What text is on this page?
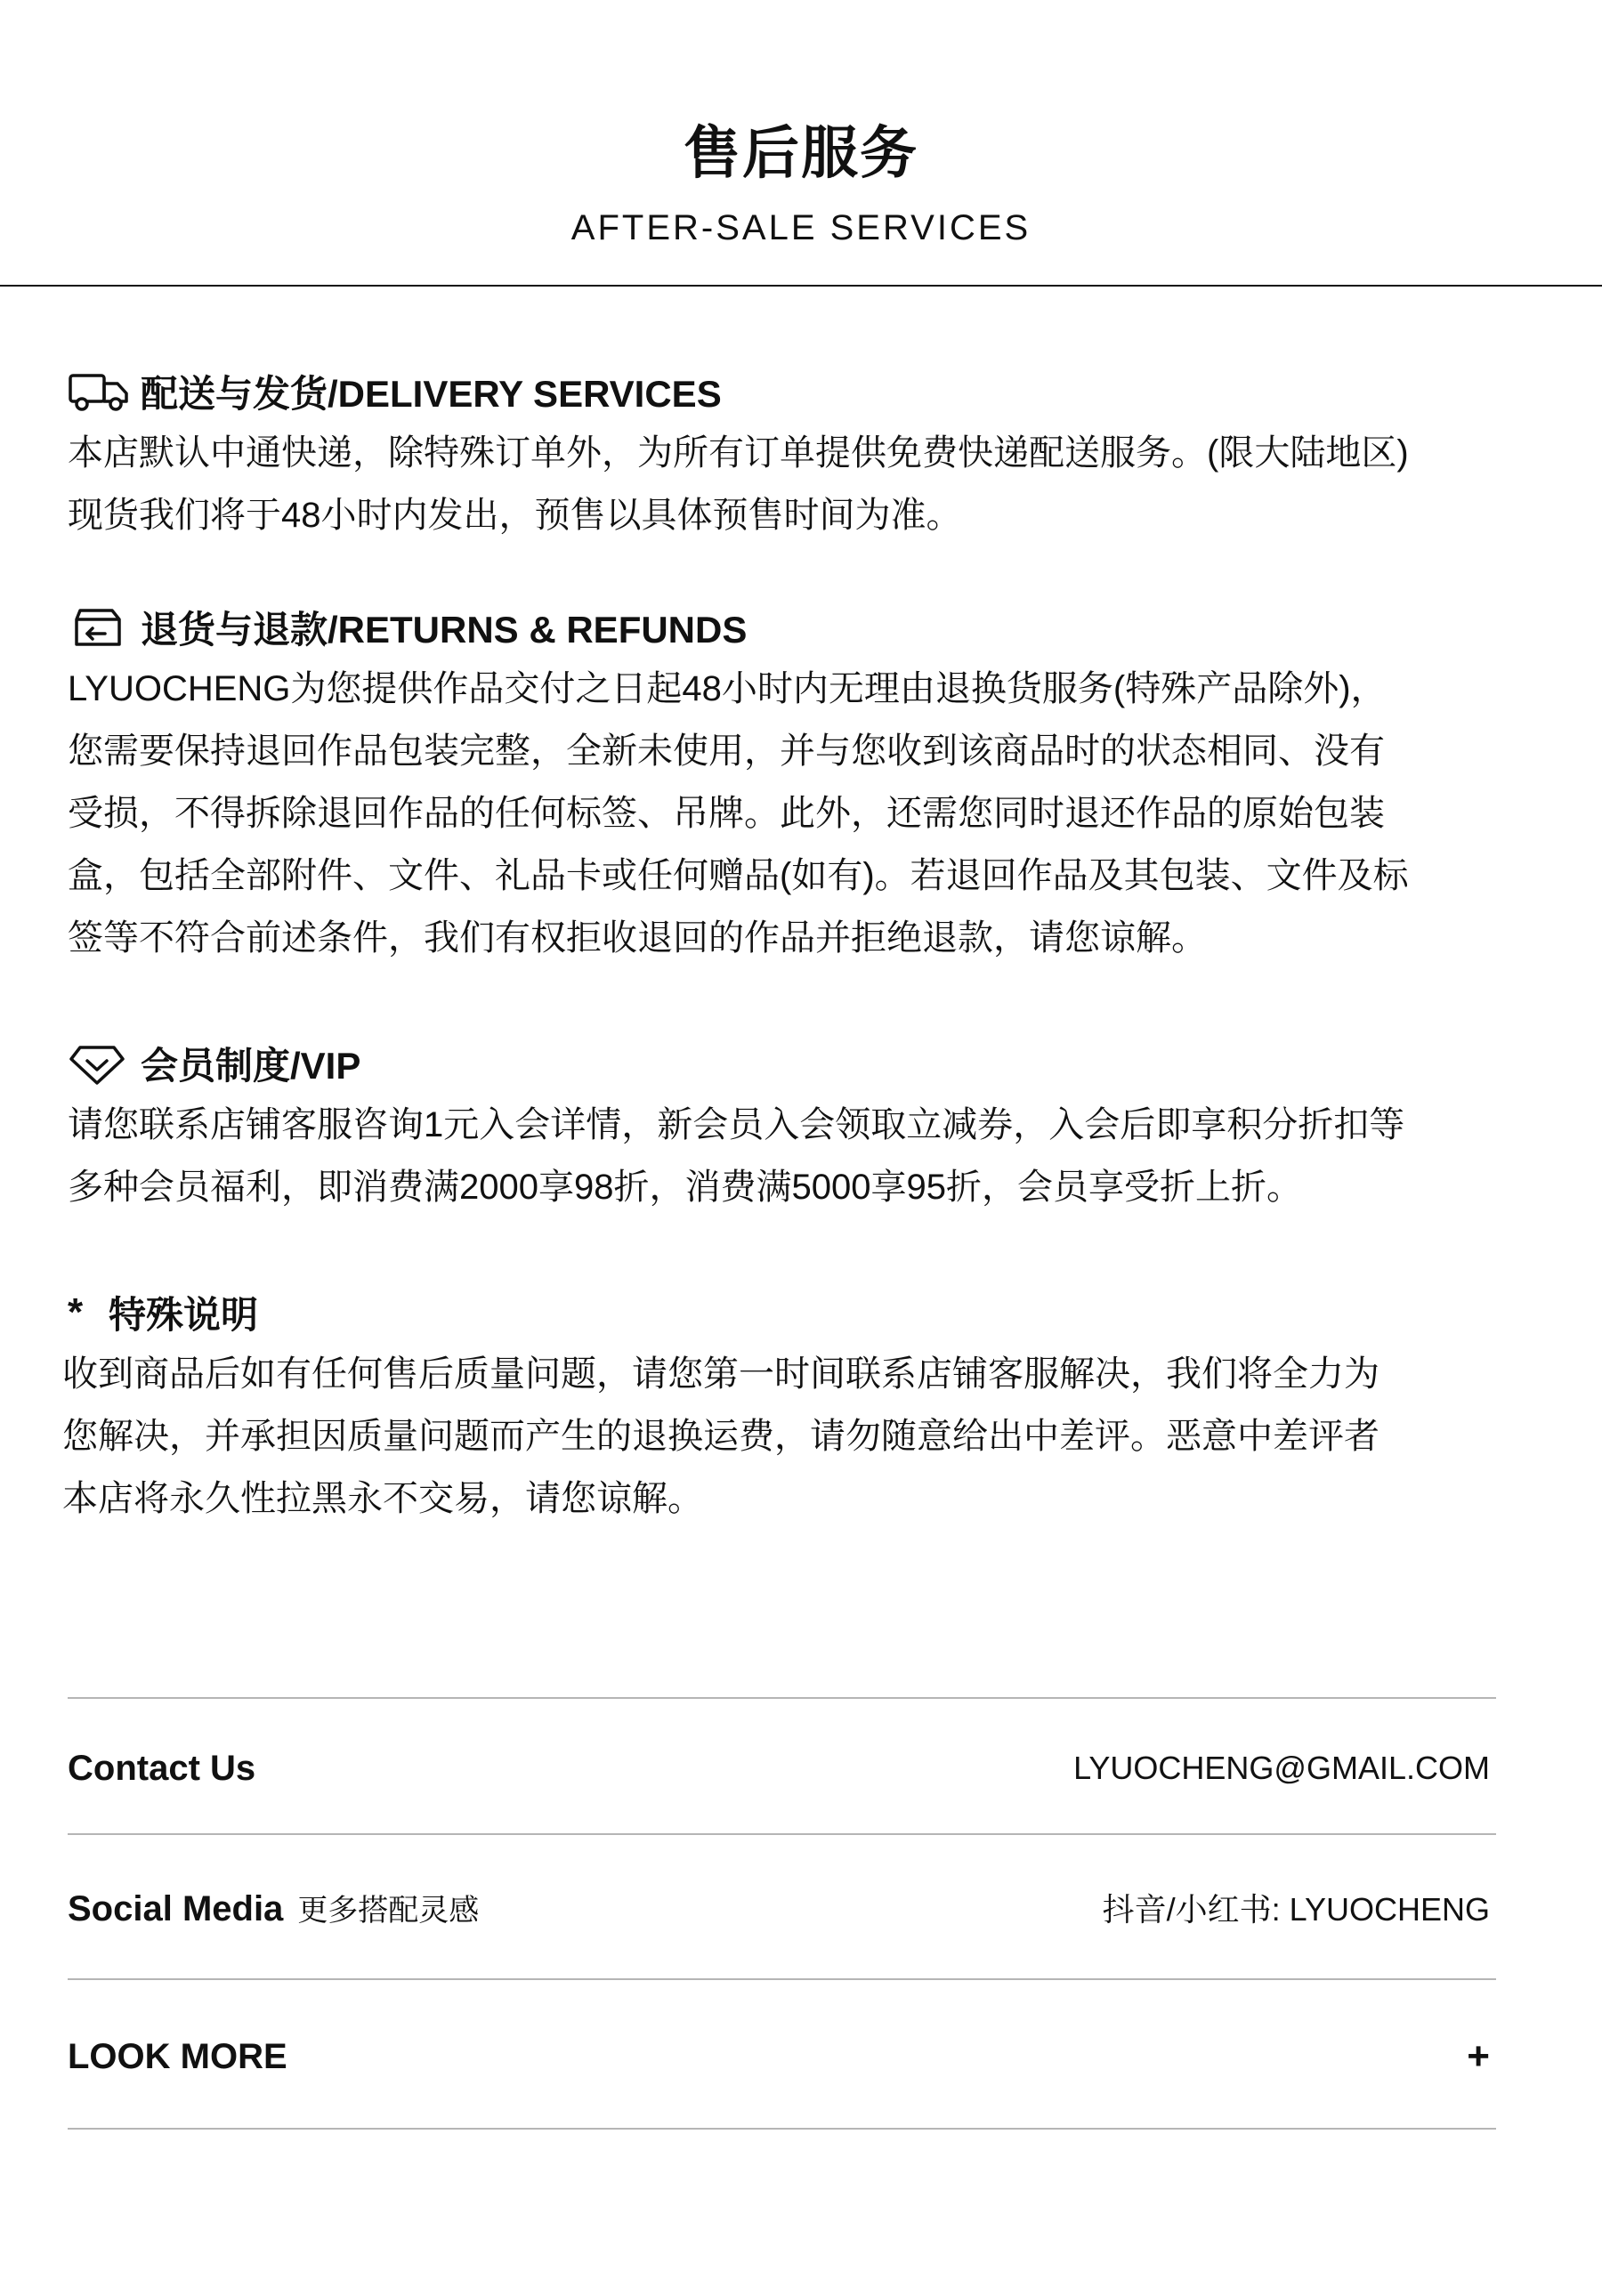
售后服务
AFTER-SALE SERVICES
配送与发货/DELIVERY SERVICES

本店默认中通快递，除特殊订单外，为所有订单提供免费快递配送服务。(限大陆地区)

现货我们将于48小时内发出，预售以具体预售时间为准。

退货与退款/RETURNS & REFUNDS

LYUOCHENG为您提供作品交付之日起48小时内无理由退换货服务(特殊产品除外)，

您需要保持退回作品包装完整，全新未使用，并与您收到该商品时的状态相同、没有

受损，不得拆除退回作品的任何标签、吊牌。此外，还需您同时退还作品的原始包装

盒，包括全部附件、文件、礼品卡或任何赠品(如有)。若退回作品及其包装、文件及标

签等不符合前述条件，我们有权拒收退回的作品并拒绝退款，请您谅解。

会员制度/VIP

请您联系店铺客服咨询1元入会详情，新会员入会领取立减券，入会后即享积分折扣等

多种会员福利，即消费满2000享98折，消费满5000享95折，会员享受折上折。

* 特殊说明

收到商品后如有任何售后质量问题，请您第一时间联系店铺客服解决，我们将全力为

您解决，并承担因质量问题而产生的退换运费，请勿随意给出中差评。恶意中差评者

本店将永久性拉黑永不交易，请您谅解。

Contact Us	LYUOCHENG@GMAIL.COM
Social Media 更多搭配灵感	抖音/小红书: LYUOCHENG
LOOK MORE	+
